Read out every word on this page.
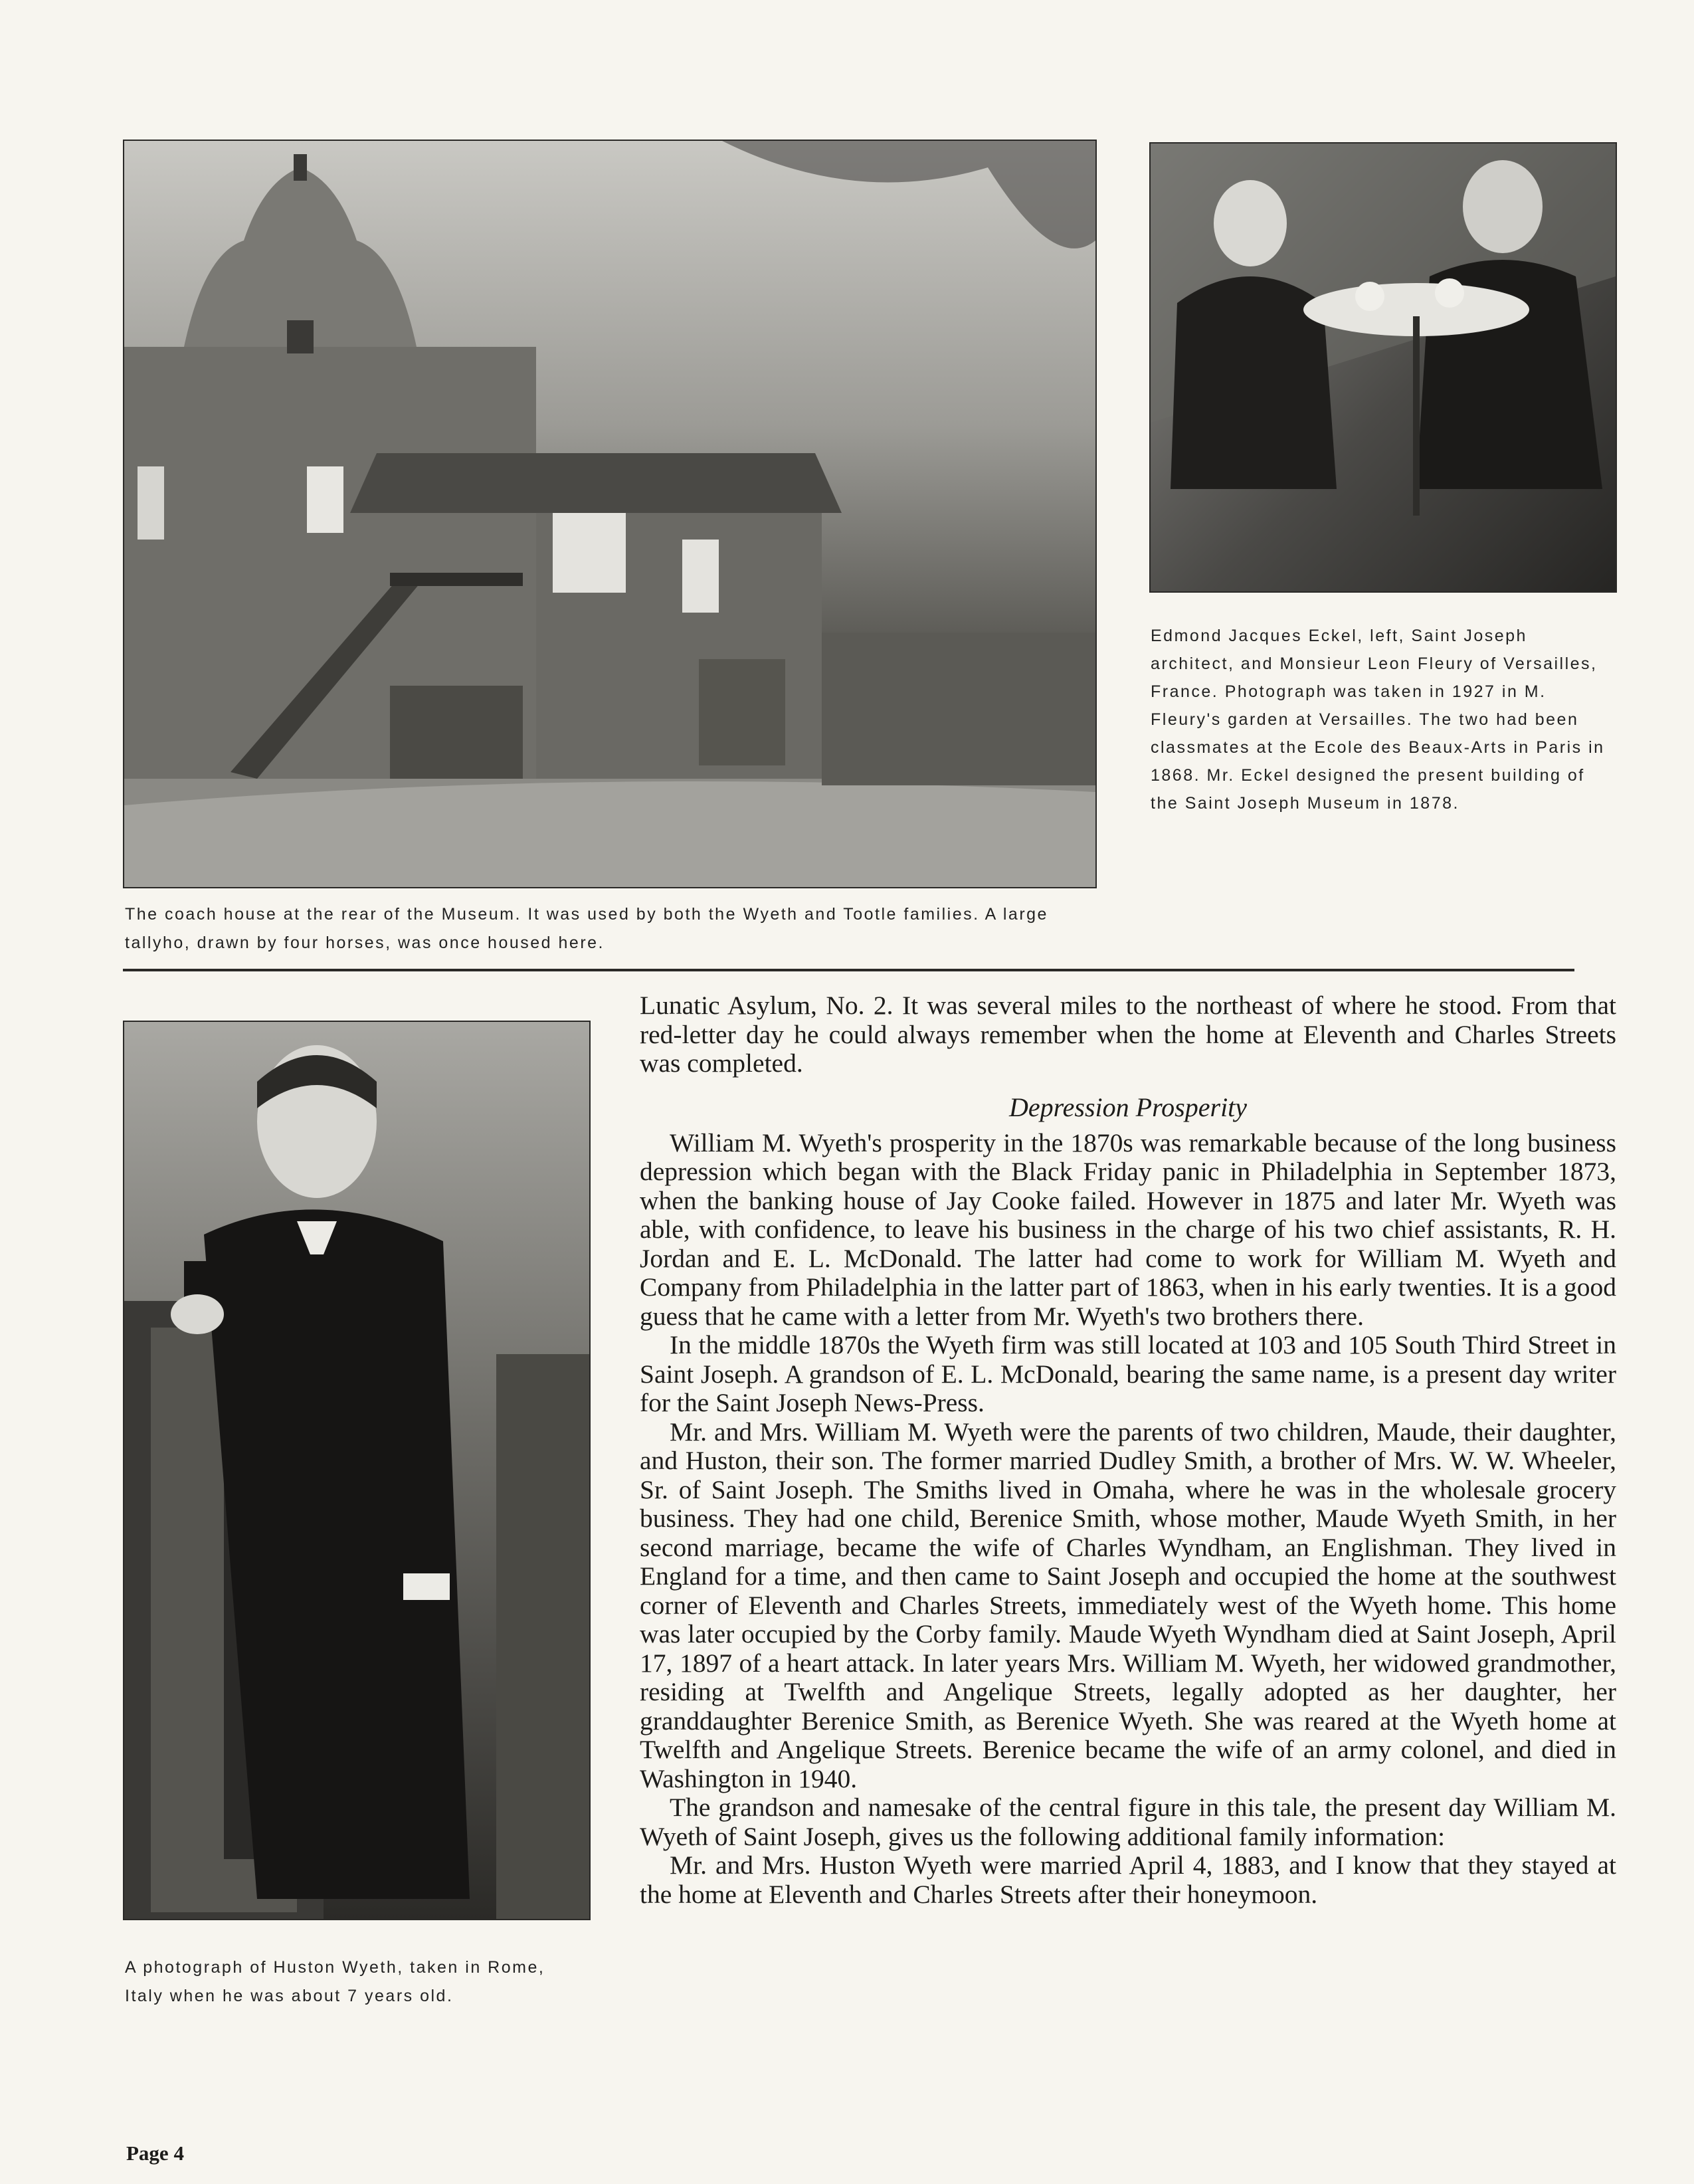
The coach house at the rear of the Museum. It was used by both the Wyeth and Tootle families. A large tallyho, drawn by four horses, was once housed here.

Edmond Jacques Eckel, left, Saint Joseph architect, and Monsieur Leon Fleury of Versailles, France. Photograph was taken in 1927 in M. Fleury's garden at Versailles. The two had been classmates at the Ecole des Beaux-Arts in Paris in 1868. Mr. Eckel designed the present building of the Saint Joseph Museum in 1878.

A photograph of Huston Wyeth, taken in Rome, Italy when he was about 7 years old.

Lunatic Asylum, No. 2. It was several miles to the northeast of where he stood. From that red-letter day he could always remember when the home at Eleventh and Charles Streets was completed.

Depression Prosperity

William M. Wyeth's prosperity in the 1870s was remarkable because of the long business depression which began with the Black Friday panic in Philadelphia in September 1873, when the banking house of Jay Cooke failed. However in 1875 and later Mr. Wyeth was able, with confidence, to leave his business in the charge of his two chief assistants, R. H. Jordan and E. L. McDonald. The latter had come to work for William M. Wyeth and Company from Philadelphia in the latter part of 1863, when in his early twenties. It is a good guess that he came with a letter from Mr. Wyeth's two brothers there.

In the middle 1870s the Wyeth firm was still located at 103 and 105 South Third Street in Saint Joseph. A grandson of E. L. McDonald, bearing the same name, is a present day writer for the Saint Joseph News-Press.

Mr. and Mrs. William M. Wyeth were the parents of two children, Maude, their daughter, and Huston, their son. The former married Dudley Smith, a brother of Mrs. W. W. Wheeler, Sr. of Saint Joseph. The Smiths lived in Omaha, where he was in the wholesale grocery business. They had one child, Berenice Smith, whose mother, Maude Wyeth Smith, in her second marriage, became the wife of Charles Wyndham, an Englishman. They lived in England for a time, and then came to Saint Joseph and occupied the home at the southwest corner of Eleventh and Charles Streets, immediately west of the Wyeth home. This home was later occupied by the Corby family. Maude Wyeth Wyndham died at Saint Joseph, April 17, 1897 of a heart attack. In later years Mrs. William M. Wyeth, her widowed grandmother, residing at Twelfth and Angelique Streets, legally adopted as her daughter, her granddaughter Berenice Smith, as Berenice Wyeth. She was reared at the Wyeth home at Twelfth and Angelique Streets. Berenice became the wife of an army colonel, and died in Washington in 1940.

The grandson and namesake of the central figure in this tale, the present day William M. Wyeth of Saint Joseph, gives us the following additional family information:

Mr. and Mrs. Huston Wyeth were married April 4, 1883, and I know that they stayed at the home at Eleventh and Charles Streets after their honeymoon.

Page 4
